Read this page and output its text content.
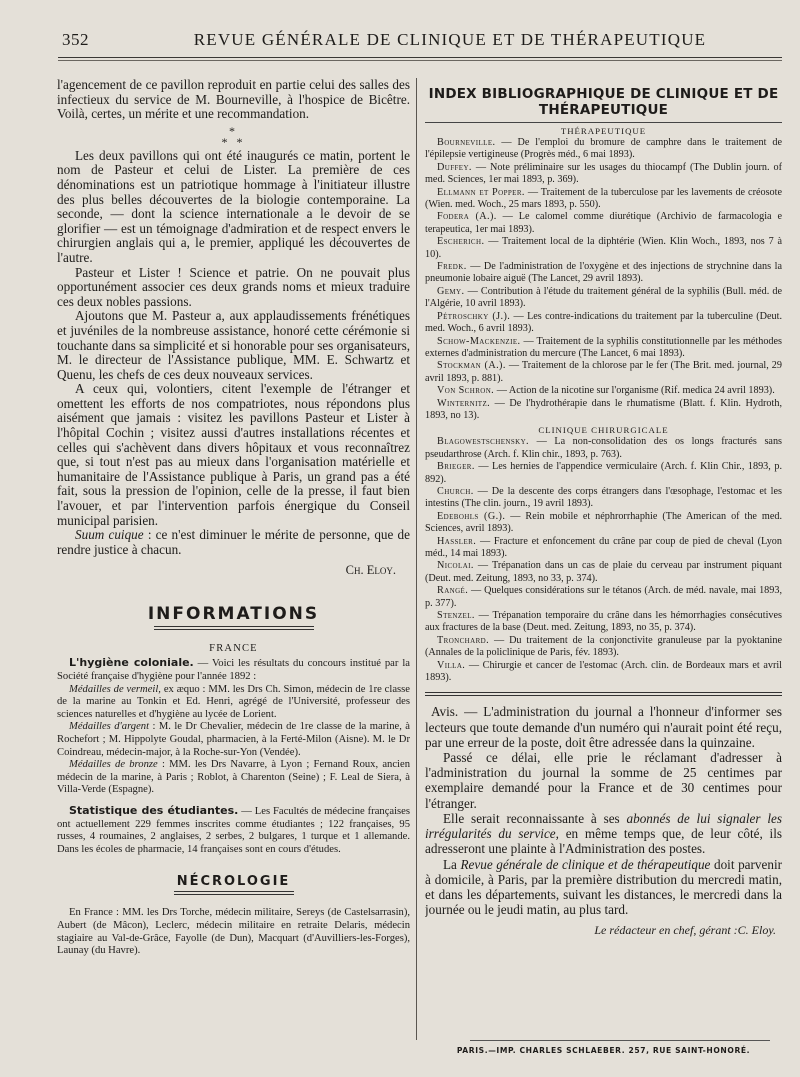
352	REVUE GÉNÉRALE DE CLINIQUE ET DE THÉRAPEUTIQUE

l'agencement de ce pavillon reproduit en partie celui des salles des infectieux du service de M. Bourneville, à l'hospice de Bicêtre. Voilà, certes, un mérite et une recommandation.

*
* *

Les deux pavillons qui ont été inaugurés ce matin, portent le nom de Pasteur et celui de Lister. La première de ces dénominations est un patriotique hommage à l'initiateur illustre des plus belles découvertes de la biologie contemporaine. La seconde, — dont la science internationale a le devoir de se glorifier — est un témoignage d'admiration et de respect envers le chirurgien anglais qui a, le premier, appliqué les découvertes de l'autre.

Pasteur et Lister ! Science et patrie. On ne pouvait plus opportunément associer ces deux grands noms et mieux traduire ces deux nobles passions.

Ajoutons que M. Pasteur a, aux applaudissements frénétiques et juvéniles de la nombreuse assistance, honoré cette cérémonie si touchante dans sa simplicité et si honorable pour ses organisateurs, M. le directeur de l'Assistance publique, MM. E. Schwartz et Quenu, les chefs de ces deux nouveaux services.

A ceux qui, volontiers, citent l'exemple de l'étranger et omettent les efforts de nos compatriotes, nous répondons plus aisément que jamais : visitez les pavillons Pasteur et Lister à l'hôpital Cochin ; visitez aussi d'autres installations récentes et celles qui s'achèvent dans divers hôpitaux et vous reconnaîtrez que, si tout n'est pas au mieux dans l'organisation matérielle et humanitaire de l'Assistance publique à Paris, un grand pas a été fait, sous la pression de l'opinion, celle de la presse, il faut bien l'avouer, et par l'intervention parfois énergique du Conseil municipal parisien.

Suum cuique : ce n'est diminuer le mérite de personne, que de rendre justice à chacun.

Ch. Eloy.

INFORMATIONS
FRANCE

L'hygiène coloniale. — Voici les résultats du concours institué par la Société française d'hygiène pour l'année 1892 :

Médailles de vermeil, ex æquo : MM. les Drs Ch. Simon, médecin de 1re classe de la marine au Tonkin et Ed. Henri, agrégé de l'Université, professeur des sciences naturelles et d'hygiène au lycée de Lorient.

Médailles d'argent : M. le Dr Chevalier, médecin de 1re classe de la marine, à Rochefort ; M. Hippolyte Goudal, pharmacien, à la Ferté-Milon (Aisne). M. le Dr Coindreau, médecin-major, à la Roche-sur-Yon (Vendée).

Médailles de bronze : MM. les Drs Navarre, à Lyon ; Fernand Roux, ancien médecin de la marine, à Paris ; Roblot, à Charenton (Seine) ; F. Leal de Siera, à Villa-Verde (Espagne).

Statistique des étudiantes. — Les Facultés de médecine françaises ont actuellement 229 femmes inscrites comme étudiantes ; 122 françaises, 95 russes, 4 roumaines, 2 anglaises, 2 serbes, 2 bulgares, 1 turque et 1 allemande. Dans les écoles de pharmacie, 14 françaises sont en cours d'études.

NÉCROLOGIE

En France : MM. les Drs Torche, médecin militaire, Sereys (de Castelsarrasin), Aubert (de Mâcon), Leclerc, médecin militaire en retraite Delaris, médecin stagiaire au Val-de-Grâce, Fayolle (de Dun), Macquart (d'Auvilliers-les-Forges), Launay (du Havre).

INDEX BIBLIOGRAPHIQUE DE CLINIQUE ET DE THÉRAPEUTIQUE
THÉRAPEUTIQUE

Bourneville. — De l'emploi du bromure de camphre dans le traitement de l'épilepsie vertigineuse (Progrès méd., 6 mai 1893).

Duffey. — Note préliminaire sur les usages du thiocampf (The Dublin journ. of med. Sciences, 1er mai 1893, p. 369).

Ellmann et Popper. — Traitement de la tuberculose par les lavements de créosote (Wien. med. Woch., 25 mars 1893, p. 550).

Fodera (A.). — Le calomel comme diurétique (Archivio de farmacologia e terapeutica, 1er mai 1893).

Escherich. — Traitement local de la diphtérie (Wien. Klin Woch., 1893, nos 7 à 10).

Fredk. — De l'administration de l'oxygène et des injections de strychnine dans la pneumonie lobaire aiguë (The Lancet, 29 avril 1893).

Gemy. — Contribution à l'étude du traitement général de la syphilis (Bull. méd. de l'Algérie, 10 avril 1893).

Pétroschky (J.). — Les contre-indications du traitement par la tuberculine (Deut. med. Woch., 6 avril 1893).

Schow-Mackenzie. — Traitement de la syphilis constitutionnelle par les méthodes externes d'administration du mercure (The Lancet, 6 mai 1893).

Stockman (A.). — Traitement de la chlorose par le fer (The Brit. med. journal, 29 avril 1893, p. 881).

Von Schron. — Action de la nicotine sur l'organisme (Rif. medica 24 avril 1893).

Winternitz. — De l'hydrothérapie dans le rhumatisme (Blatt. f. Klin. Hydroth, 1893, no 13).

CLINIQUE CHIRURGICALE

Blagowestschensky. — La non-consolidation des os longs fracturés sans pseudarthrose (Arch. f. Klin chir., 1893, p. 763).

Brieger. — Les hernies de l'appendice vermiculaire (Arch. f. Klin Chir., 1893, p. 892).

Church. — De la descente des corps étrangers dans l'œsophage, l'estomac et les intestins (The clin. journ., 19 avril 1893).

Edebohls (G.). — Rein mobile et néphrorrhaphie (The American of the med. Sciences, avril 1893).

Hassler. — Fracture et enfoncement du crâne par coup de pied de cheval (Lyon méd., 14 mai 1893).

Nicolai. — Trépanation dans un cas de plaie du cerveau par instrument piquant (Deut. med. Zeitung, 1893, no 33, p. 374).

Rangé. — Quelques considérations sur le tétanos (Arch. de méd. navale, mai 1893, p. 377).

Stenzel. — Trépanation temporaire du crâne dans les hémorrhagies consécutives aux fractures de la base (Deut. med. Zeitung, 1893, no 35, p. 374).

Tronchard. — Du traitement de la conjonctivite granuleuse par la pyoktanine (Annales de la policlinique de Paris, fév. 1893).

Villa. — Chirurgie et cancer de l'estomac (Arch. clin. de Bordeaux mars et avril 1893).

Avis. — L'administration du journal a l'honneur d'informer ses lecteurs que toute demande d'un numéro qui n'aurait point été reçu, par une erreur de la poste, doit être adressée dans la quinzaine.

Passé ce délai, elle prie le réclamant d'adresser à l'administration du journal la somme de 25 centimes par exemplaire demandé pour la France et de 30 centimes pour l'étranger.

Elle serait reconnaissante à ses abonnés de lui signaler les irrégularités du service, en même temps que, de leur côté, ils adresseront une plainte à l'Administration des postes.

La Revue générale de clinique et de thérapeutique doit parvenir à domicile, à Paris, par la première distribution du mercredi matin, et dans les départements, suivant les distances, le mercredi dans la journée ou le jeudi matin, au plus tard.

Le rédacteur en chef, gérant :C. Eloy.

PARIS.—IMP. CHARLES SCHLAEBER. 257, RUE SAINT-HONORÉ.
